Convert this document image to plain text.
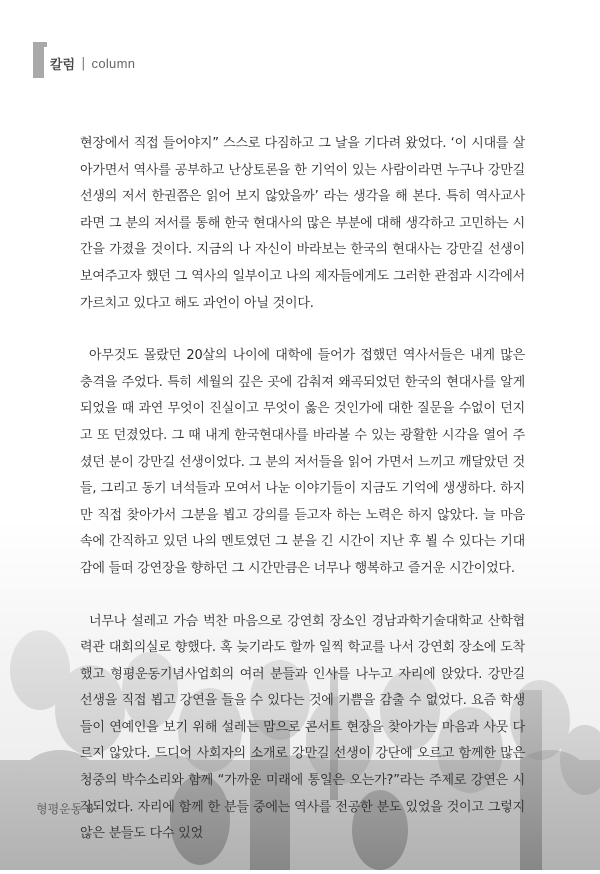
칼럼 | column

현장에서 직접 들어야지” 스스로 다짐하고 그 날을 기다려 왔었다. ‘이 시대를 살아가면서 역사를 공부하고 난상토론을 한 기억이 있는 사람이라면 누구나 강만길 선생의 저서 한권쯤은 읽어 보지 않았을까’ 라는 생각을 해 본다. 특히 역사교사라면 그 분의 저서를 통해 한국 현대사의 많은 부분에 대해 생각하고 고민하는 시간을 가졌을 것이다. 지금의 나 자신이 바라보는 한국의 현대사는 강만길 선생이 보여주고자 했던 그 역사의 일부이고 나의 제자들에게도 그러한 관점과 시각에서 가르치고 있다고 해도 과언이 아닐 것이다.

아무것도 몰랐던 20살의 나이에 대학에 들어가 접했던 역사서들은 내게 많은 충격을 주었다. 특히 세월의 깊은 곳에 감춰져 왜곡되었던 한국의 현대사를 알게 되었을 때 과연 무엇이 진실이고 무엇이 옳은 것인가에 대한 질문을 수없이 던지고 또 던졌었다. 그 때 내게 한국현대사를 바라볼 수 있는 광활한 시각을 열어 주셨던 분이 강만길 선생이었다. 그 분의 저서들을 읽어 가면서 느끼고 깨달았던 것들, 그리고 동기 녀석들과 모여서 나눈 이야기들이 지금도 기억에 생생하다. 하지만 직접 찾아가서 그분을 뵙고 강의를 듣고자 하는 노력은 하지 않았다. 늘 마음속에 간직하고 있던 나의 멘토였던 그 분을 긴 시간이 지난 후 뵐 수 있다는 기대감에 들떠 강연장을 향하던 그 시간만큼은 너무나 행복하고 즐거운 시간이었다.

너무나 설레고 가슴 벅찬 마음으로 강연회 장소인 경남과학기술대학교 산학협력관 대회의실로 향했다. 혹 늦기라도 할까 일찍 학교를 나서 강연회 장소에 도착했고 형평운동기념사업회의 여러 분들과 인사를 나누고 자리에 앉았다. 강만길 선생을 직접 뵙고 강연을 들을 수 있다는 것에 기쁨을 감출 수 없었다. 요즘 학생들이 연예인을 보기 위해 설레는 맘으로 콘서트 현장을 찾아가는 마음과 사뭇 다르지 않았다. 드디어 사회자의 소개로 강만길 선생이 강단에 오르고 함께한 많은 청중의 박수소리와 함께 “가까운 미래에 통일은 오는가?”라는 주제로 강연은 시작되었다. 자리에 함께 한 분들 중에는 역사를 전공한 분도 있었을 것이고 그렇지 않은 분들도 다수 있었

형평운동 8
